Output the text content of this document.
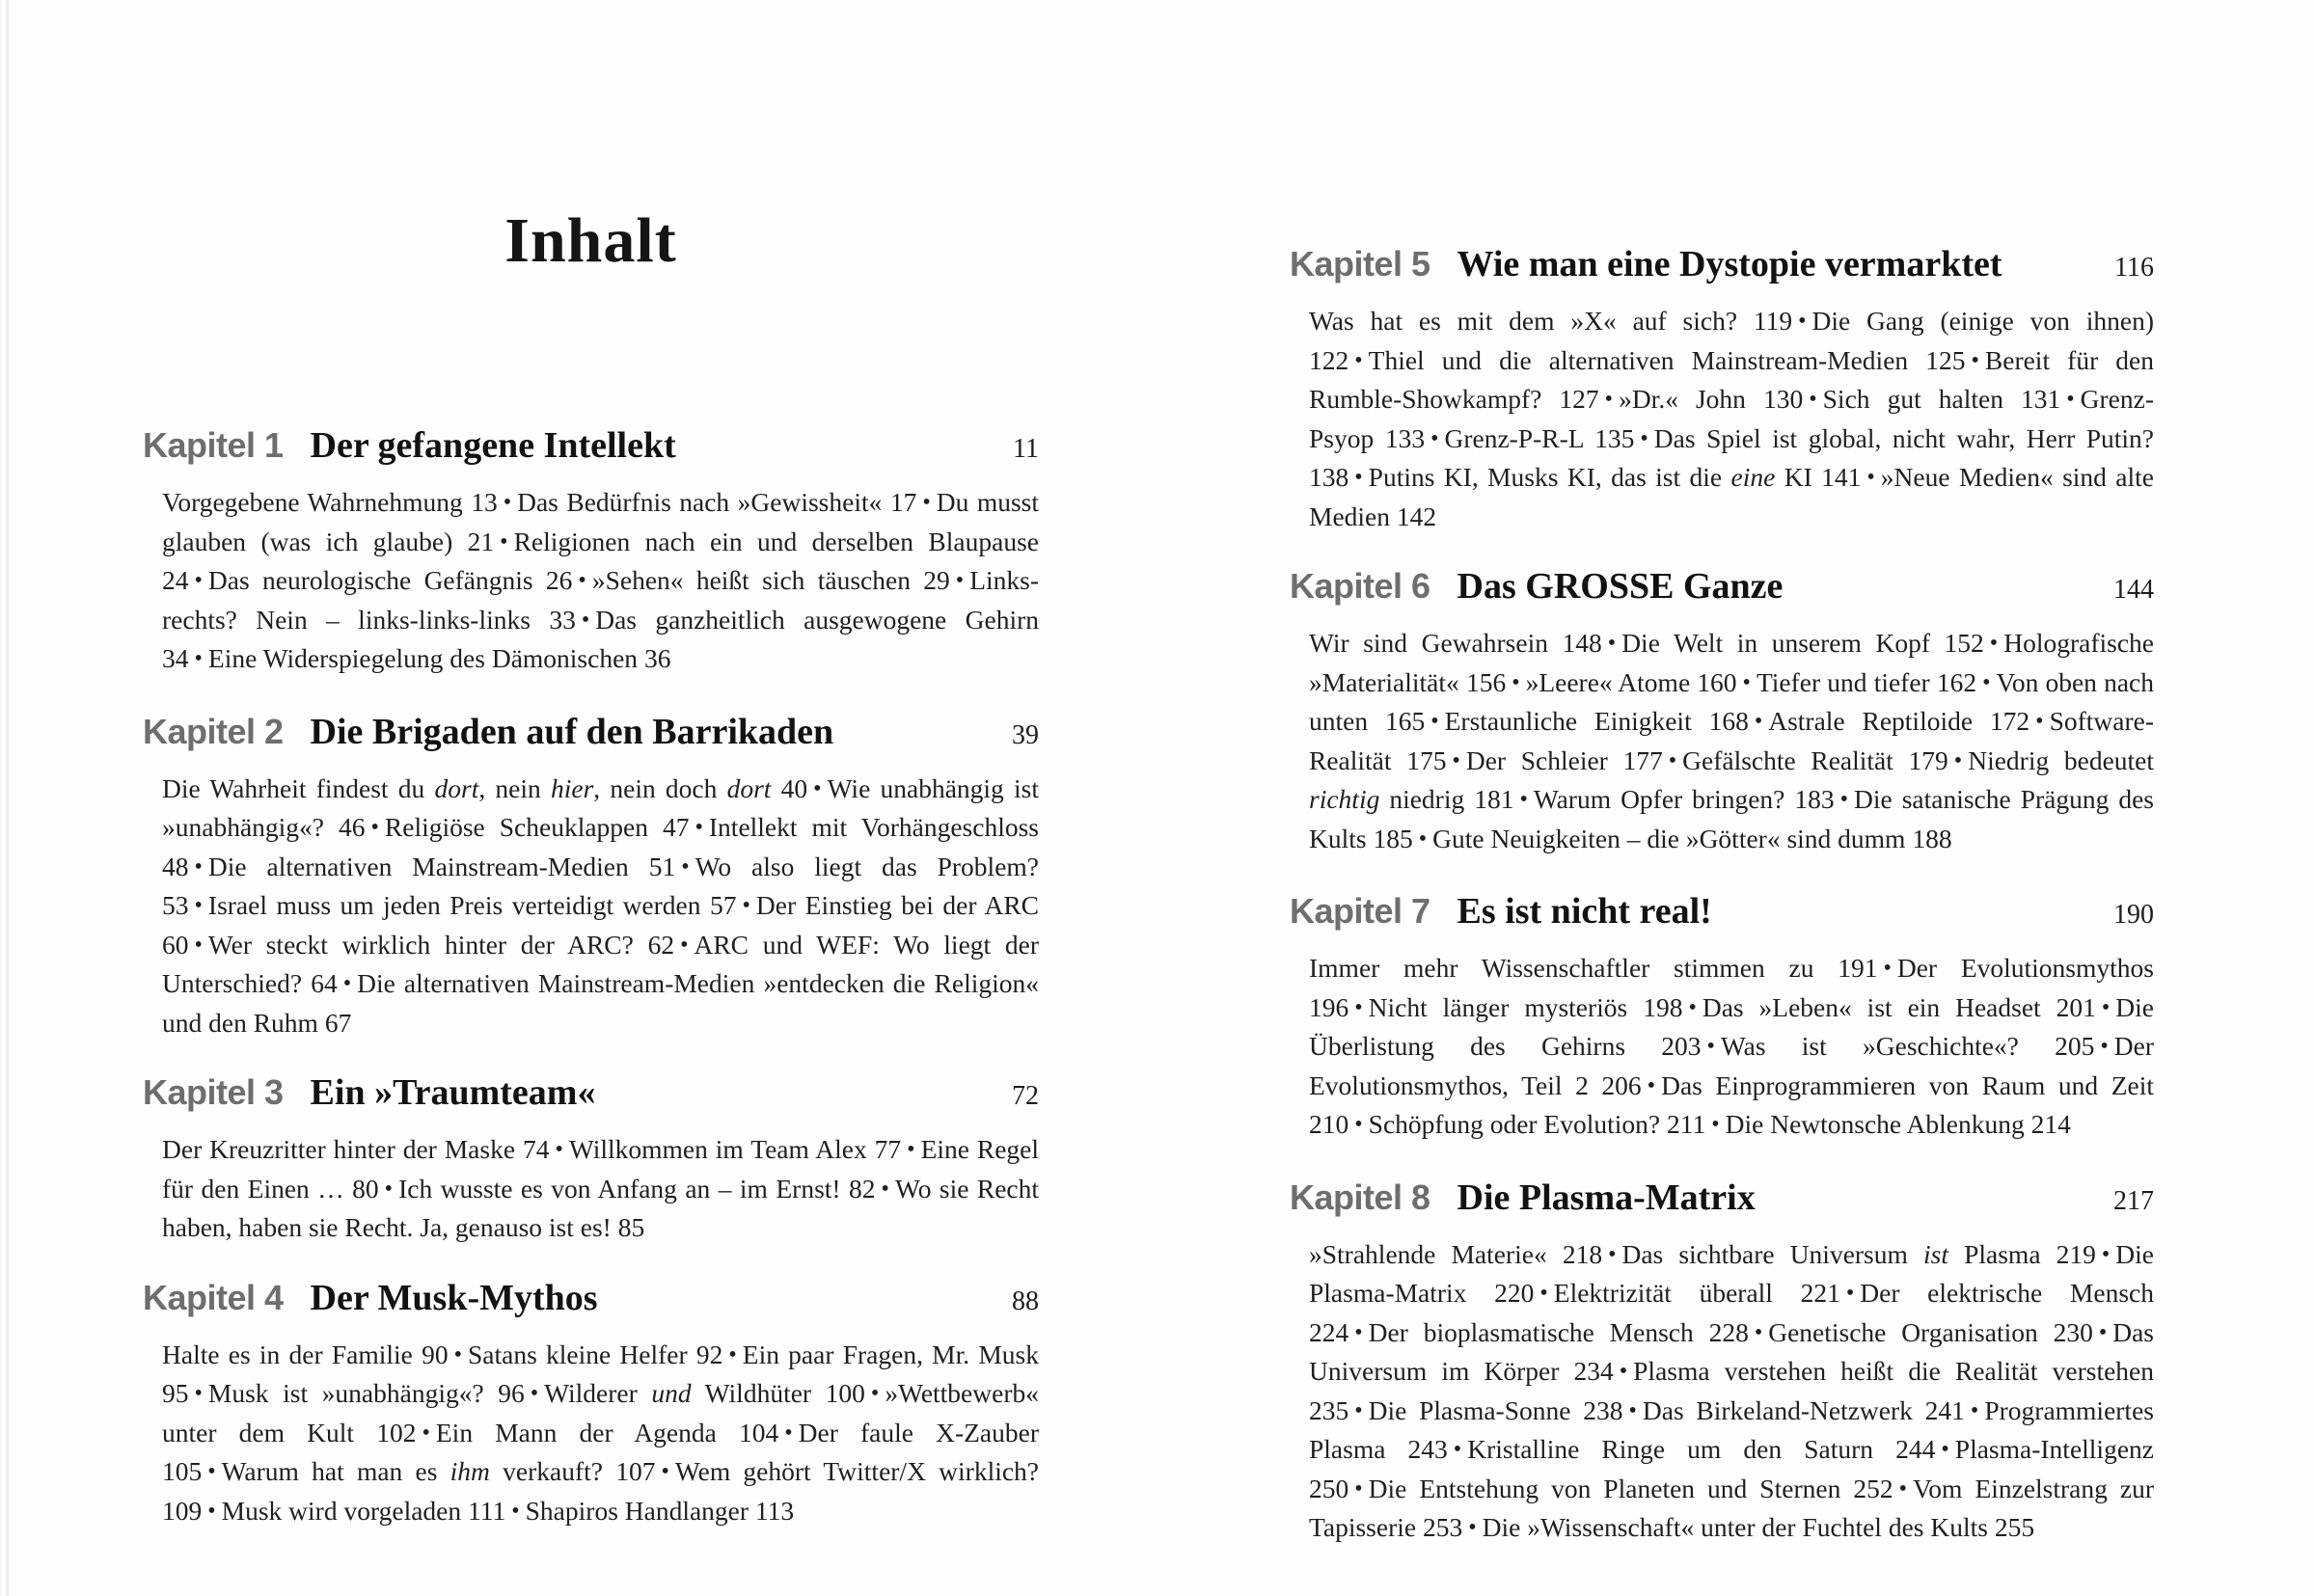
Inhalt
Kapitel 1 Der gefangene Intellekt	11

Vorgegebene Wahrnehmung 13 • Das Bedürfnis nach »Gewissheit« 17 • Du musst glauben (was ich glaube) 21 • Religionen nach ein und derselben Blaupause 24 • Das neurologische Gefängnis 26 • »Sehen« heißt sich täuschen 29 • Links-rechts? Nein – links-links-links 33 • Das ganzheitlich ausgewogene Gehirn 34 • Eine Widerspiegelung des Dämonischen 36

Kapitel 2 Die Brigaden auf den Barrikaden	39

Die Wahrheit findest du dort, nein hier, nein doch dort 40 • Wie unabhängig ist »unabhängig«? 46 • Religiöse Scheuklappen 47 • Intellekt mit Vorhängeschloss 48 • Die alternativen Mainstream-Medien 51 • Wo also liegt das Problem? 53 • Israel muss um jeden Preis verteidigt werden 57 • Der Einstieg bei der ARC 60 • Wer steckt wirklich hinter der ARC? 62 • ARC und WEF: Wo liegt der Unterschied? 64 • Die alternativen Mainstream-Medien »entdecken die Religion« und den Ruhm 67

Kapitel 3 Ein »Traumteam«	72

Der Kreuzritter hinter der Maske 74 • Willkommen im Team Alex 77 • Eine Regel für den Einen … 80 • Ich wusste es von Anfang an – im Ernst! 82 • Wo sie Recht haben, haben sie Recht. Ja, genauso ist es! 85

Kapitel 4 Der Musk-Mythos	88

Halte es in der Familie 90 • Satans kleine Helfer 92 • Ein paar Fragen, Mr. Musk 95 • Musk ist »unabhängig«? 96 • Wilderer und Wildhüter 100 • »Wettbewerb« unter dem Kult 102 • Ein Mann der Agenda 104 • Der faule X-Zauber 105 • Warum hat man es ihm verkauft? 107 • Wem gehört Twitter/X wirklich? 109 • Musk wird vorgeladen 111 • Shapiros Handlanger 113

Kapitel 5 Wie man eine Dystopie vermarktet	116

Was hat es mit dem »X« auf sich? 119 • Die Gang (einige von ihnen) 122 • Thiel und die alternativen Mainstream-Medien 125 • Bereit für den Rumble-Showkampf? 127 • »Dr.« John 130 • Sich gut halten 131 • Grenz-Psyop 133 • Grenz-P-R-L 135 • Das Spiel ist global, nicht wahr, Herr Putin? 138 • Putins KI, Musks KI, das ist die eine KI 141 • »Neue Medien« sind alte Medien 142

Kapitel 6 Das GROSSE Ganze	144

Wir sind Gewahrsein 148 • Die Welt in unserem Kopf 152 • Holografische »Materialität« 156 • »Leere« Atome 160 • Tiefer und tiefer 162 • Von oben nach unten 165 • Erstaunliche Einigkeit 168 • Astrale Reptiloide 172 • Software-Realität 175 • Der Schleier 177 • Gefälschte Realität 179 • Niedrig bedeutet richtig niedrig 181 • Warum Opfer bringen? 183 • Die satanische Prägung des Kults 185 • Gute Neuigkeiten – die »Götter« sind dumm 188

Kapitel 7 Es ist nicht real!	190

Immer mehr Wissenschaftler stimmen zu 191 • Der Evolutionsmythos 196 • Nicht länger mysteriös 198 • Das »Leben« ist ein Headset 201 • Die Überlistung des Gehirns 203 • Was ist »Geschichte«? 205 • Der Evolutionsmythos, Teil 2 206 • Das Einprogrammieren von Raum und Zeit 210 • Schöpfung oder Evolution? 211 • Die Newtonsche Ablenkung 214

Kapitel 8 Die Plasma-Matrix	217

»Strahlende Materie« 218 • Das sichtbare Universum ist Plasma 219 • Die Plasma-Matrix 220 • Elektrizität überall 221 • Der elektrische Mensch 224 • Der bioplasmatische Mensch 228 • Genetische Organisation 230 • Das Universum im Körper 234 • Plasma verstehen heißt die Realität verstehen 235 • Die Plasma-Sonne 238 • Das Birkeland-Netzwerk 241 • Programmiertes Plasma 243 • Kristalline Ringe um den Saturn 244 • Plasma-Intelligenz 250 • Die Entstehung von Planeten und Sternen 252 • Vom Einzelstrang zur Tapisserie 253 • Die »Wissenschaft« unter der Fuchtel des Kults 255
